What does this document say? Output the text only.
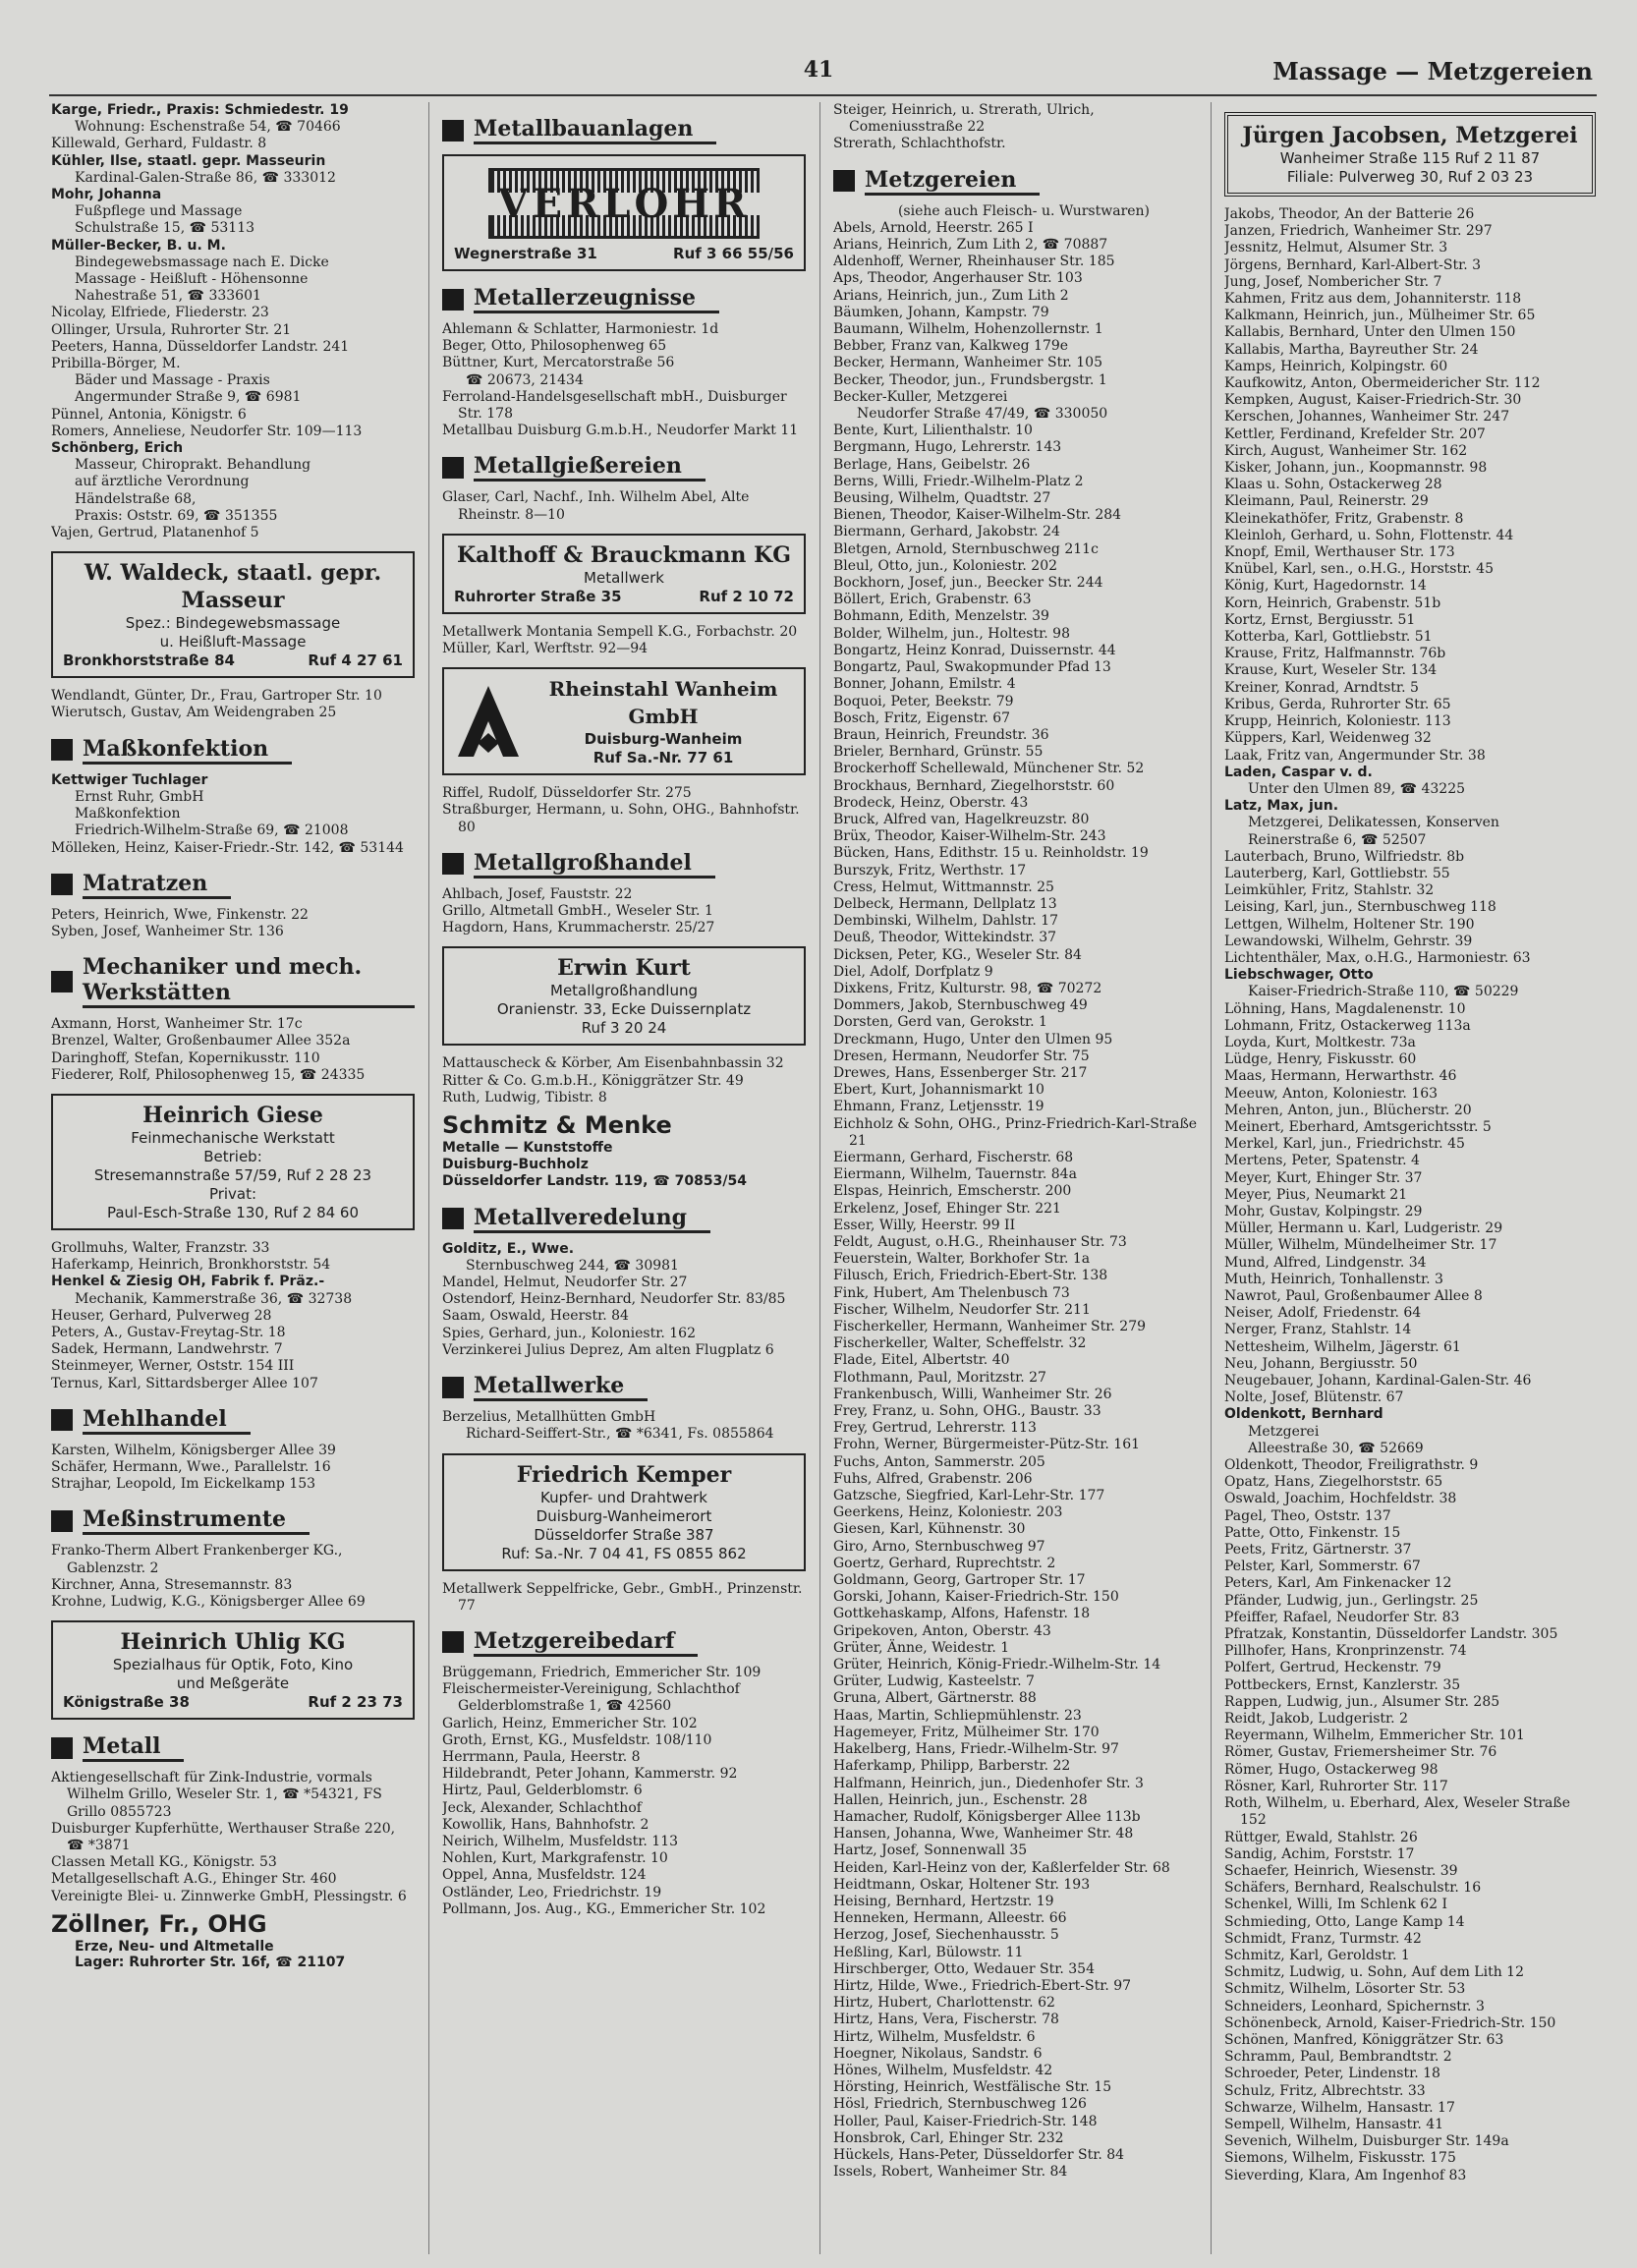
41	Massage — Metzgereien

Karge, Friedr., Praxis: Schmiedestr. 19

Wohnung: Eschenstraße 54, ☎ 70466

Killewald, Gerhard, Fuldastr. 8

Kühler, Ilse, staatl. gepr. Masseurin

Kardinal-Galen-Straße 86, ☎ 333012

Mohr, Johanna

Fußpflege und Massage

Schulstraße 15, ☎ 53113

Müller-Becker, B. u. M.

Bindegewebsmassage nach E. Dicke

Massage - Heißluft - Höhensonne

Nahestraße 51, ☎ 333601

Nicolay, Elfriede, Fliederstr. 23

Ollinger, Ursula, Ruhrorter Str. 21

Peeters, Hanna, Düsseldorfer Landstr. 241

Pribilla-Börger, M.

Bäder und Massage - Praxis

Angermunder Straße 9, ☎ 6981

Pünnel, Antonia, Königstr. 6

Romers, Anneliese, Neudorfer Str. 109—113

Schönberg, Erich

Masseur, Chiroprakt. Behandlung

auf ärztliche Verordnung

Händelstraße 68,

Praxis: Oststr. 69, ☎ 351355

Vajen, Gertrud, Platanenhof 5

W. Waldeck, staatl. gepr. Masseur
Spez.: Bindegewebsmassage
u. Heißluft-Massage
Bronkhorststraße 84	Ruf 4 27 61

Wendlandt, Günter, Dr., Frau, Gartroper Str. 10

Wierutsch, Gustav, Am Weidengraben 25

Maßkonfektion

Kettwiger Tuchlager

Ernst Ruhr, GmbH

Maßkonfektion

Friedrich-Wilhelm-Straße 69, ☎ 21008

Mölleken, Heinz, Kaiser-Friedr.-Str. 142, ☎ 53144

Matratzen

Peters, Heinrich, Wwe, Finkenstr. 22

Syben, Josef, Wanheimer Str. 136

Mechaniker und mech. Werkstätten

Axmann, Horst, Wanheimer Str. 17c

Brenzel, Walter, Großenbaumer Allee 352a

Daringhoff, Stefan, Kopernikusstr. 110

Fiederer, Rolf, Philosophenweg 15, ☎ 24335

Heinrich Giese
Feinmechanische Werkstatt
Betrieb:
Stresemannstraße 57/59, Ruf 2 28 23
Privat:
Paul-Esch-Straße 130, Ruf 2 84 60

Grollmuhs, Walter, Franzstr. 33

Haferkamp, Heinrich, Bronkhorststr. 54

Henkel & Ziesig OH, Fabrik f. Präz.-

Mechanik, Kammerstraße 36, ☎ 32738

Heuser, Gerhard, Pulverweg 28

Peters, A., Gustav-Freytag-Str. 18

Sadek, Hermann, Landwehrstr. 7

Steinmeyer, Werner, Oststr. 154 III

Ternus, Karl, Sittardsberger Allee 107

Mehlhandel

Karsten, Wilhelm, Königsberger Allee 39

Schäfer, Hermann, Wwe., Parallelstr. 16

Strajhar, Leopold, Im Eickelkamp 153

Meßinstrumente

Franko-Therm Albert Frankenberger KG., Gablenzstr. 2

Kirchner, Anna, Stresemannstr. 83

Krohne, Ludwig, K.G., Königsberger Allee 69

Heinrich Uhlig KG
Spezialhaus für Optik, Foto, Kino
und Meßgeräte
Königstraße 38	Ruf 2 23 73
Metall

Aktiengesellschaft für Zink-Industrie, vormals Wilhelm Grillo, Weseler Str. 1, ☎ *54321, FS Grillo 0855723

Duisburger Kupferhütte, Werthauser Straße 220, ☎ *3871

Classen Metall KG., Königstr. 53

Metallgesellschaft A.G., Ehinger Str. 460

Vereinigte Blei- u. Zinnwerke GmbH, Plessingstr. 6

Zöllner, Fr., OHG

Erze, Neu- und Altmetalle

Lager: Ruhrorter Str. 16f, ☎ 21107

Metallbauanlagen
VERLOHR
Wegnerstraße 31	Ruf 3 66 55/56
Metallerzeugnisse

Ahlemann & Schlatter, Harmoniestr. 1d

Beger, Otto, Philosophenweg 65

Büttner, Kurt, Mercatorstraße 56

☎ 20673, 21434

Ferroland-Handelsgesellschaft mbH., Duisburger Str. 178

Metallbau Duisburg G.m.b.H., Neudorfer Markt 11

Metallgießereien

Glaser, Carl, Nachf., Inh. Wilhelm Abel, Alte Rheinstr. 8—10

Kalthoff & Brauckmann KG
Metallwerk
Ruhrorter Straße 35	Ruf 2 10 72

Metallwerk Montania Sempell K.G., Forbachstr. 20

Müller, Karl, Werftstr. 92—94

Rheinstahl Wanheim
GmbH
Duisburg-Wanheim
Ruf Sa.-Nr. 77 61

Riffel, Rudolf, Düsseldorfer Str. 275

Straßburger, Hermann, u. Sohn, OHG., Bahnhofstr. 80

Metallgroßhandel

Ahlbach, Josef, Fauststr. 22

Grillo, Altmetall GmbH., Weseler Str. 1

Hagdorn, Hans, Krummacherstr. 25/27

Erwin Kurt
Metallgroßhandlung
Oranienstr. 33, Ecke Duissernplatz
Ruf 3 20 24

Mattauscheck & Körber, Am Eisenbahnbassin 32

Ritter & Co. G.m.b.H., Königgrätzer Str. 49

Ruth, Ludwig, Tibistr. 8

Schmitz & Menke

Metalle — Kunststoffe

Duisburg-Buchholz

Düsseldorfer Landstr. 119, ☎ 70853/54

Metallveredelung

Golditz, E., Wwe.

Sternbuschweg 244, ☎ 30981

Mandel, Helmut, Neudorfer Str. 27

Ostendorf, Heinz-Bernhard, Neudorfer Str. 83/85

Saam, Oswald, Heerstr. 84

Spies, Gerhard, jun., Koloniestr. 162

Verzinkerei Julius Deprez, Am alten Flugplatz 6

Metallwerke

Berzelius, Metallhütten GmbH

Richard-Seiffert-Str., ☎ *6341, Fs. 0855864

Friedrich Kemper
Kupfer- und Drahtwerk
Duisburg-Wanheimerort
Düsseldorfer Straße 387
Ruf: Sa.-Nr. 7 04 41, FS 0855 862

Metallwerk Seppelfricke, Gebr., GmbH., Prinzenstr. 77

Metzgereibedarf

Brüggemann, Friedrich, Emmericher Str. 109

Fleischermeister-Vereinigung, Schlachthof Gelderblomstraße 1, ☎ 42560

Garlich, Heinz, Emmericher Str. 102

Groth, Ernst, KG., Musfeldstr. 108/110

Herrmann, Paula, Heerstr. 8

Hildebrandt, Peter Johann, Kammerstr. 92

Hirtz, Paul, Gelderblomstr. 6

Jeck, Alexander, Schlachthof

Kowollik, Hans, Bahnhofstr. 2

Neirich, Wilhelm, Musfeldstr. 113

Nohlen, Kurt, Markgrafenstr. 10

Oppel, Anna, Musfeldstr. 124

Ostländer, Leo, Friedrichstr. 19

Pollmann, Jos. Aug., KG., Emmericher Str. 102

Steiger, Heinrich, u. Strerath, Ulrich, Comeniusstraße 22

Strerath, Schlachthofstr.

Metzgereien

(siehe auch Fleisch- u. Wurstwaren)

Abels, Arnold, Heerstr. 265 I

Arians, Heinrich, Zum Lith 2, ☎ 70887

Aldenhoff, Werner, Rheinhauser Str. 185

Aps, Theodor, Angerhauser Str. 103

Arians, Heinrich, jun., Zum Lith 2

Bäumken, Johann, Kampstr. 79

Baumann, Wilhelm, Hohenzollernstr. 1

Bebber, Franz van, Kalkweg 179e

Becker, Hermann, Wanheimer Str. 105

Becker, Theodor, jun., Frundsbergstr. 1

Becker-Kuller, Metzgerei

Neudorfer Straße 47/49, ☎ 330050

Bente, Kurt, Lilienthalstr. 10

Bergmann, Hugo, Lehrerstr. 143

Berlage, Hans, Geibelstr. 26

Berns, Willi, Friedr.-Wilhelm-Platz 2

Beusing, Wilhelm, Quadtstr. 27

Bienen, Theodor, Kaiser-Wilhelm-Str. 284

Biermann, Gerhard, Jakobstr. 24

Bletgen, Arnold, Sternbuschweg 211c

Bleul, Otto, jun., Koloniestr. 202

Bockhorn, Josef, jun., Beecker Str. 244

Böllert, Erich, Grabenstr. 63

Bohmann, Edith, Menzelstr. 39

Bolder, Wilhelm, jun., Holtestr. 98

Bongartz, Heinz Konrad, Duissernstr. 44

Bongartz, Paul, Swakopmunder Pfad 13

Bonner, Johann, Emilstr. 4

Boquoi, Peter, Beekstr. 79

Bosch, Fritz, Eigenstr. 67

Braun, Heinrich, Freundstr. 36

Brieler, Bernhard, Grünstr. 55

Brockerhoff Schellewald, Münchener Str. 52

Brockhaus, Bernhard, Ziegelhorststr. 60

Brodeck, Heinz, Oberstr. 43

Bruck, Alfred van, Hagelkreuzstr. 80

Brüx, Theodor, Kaiser-Wilhelm-Str. 243

Bücken, Hans, Edithstr. 15 u. Reinholdstr. 19

Burszyk, Fritz, Werthstr. 17

Cress, Helmut, Wittmannstr. 25

Delbeck, Hermann, Dellplatz 13

Dembinski, Wilhelm, Dahlstr. 17

Deuß, Theodor, Wittekindstr. 37

Dicksen, Peter, KG., Weseler Str. 84

Diel, Adolf, Dorfplatz 9

Dixkens, Fritz, Kulturstr. 98, ☎ 70272

Dommers, Jakob, Sternbuschweg 49

Dorsten, Gerd van, Gerokstr. 1

Dreckmann, Hugo, Unter den Ulmen 95

Dresen, Hermann, Neudorfer Str. 75

Drewes, Hans, Essenberger Str. 217

Ebert, Kurt, Johannismarkt 10

Ehmann, Franz, Letjensstr. 19

Eichholz & Sohn, OHG., Prinz-Friedrich-Karl-Straße 21

Eiermann, Gerhard, Fischerstr. 68

Eiermann, Wilhelm, Tauernstr. 84a

Elspas, Heinrich, Emscherstr. 200

Erkelenz, Josef, Ehinger Str. 221

Esser, Willy, Heerstr. 99 II

Feldt, August, o.H.G., Rheinhauser Str. 73

Feuerstein, Walter, Borkhofer Str. 1a

Filusch, Erich, Friedrich-Ebert-Str. 138

Fink, Hubert, Am Thelenbusch 73

Fischer, Wilhelm, Neudorfer Str. 211

Fischerkeller, Hermann, Wanheimer Str. 279

Fischerkeller, Walter, Scheffelstr. 32

Flade, Eitel, Albertstr. 40

Flothmann, Paul, Moritzstr. 27

Frankenbusch, Willi, Wanheimer Str. 26

Frey, Franz, u. Sohn, OHG., Baustr. 33

Frey, Gertrud, Lehrerstr. 113

Frohn, Werner, Bürgermeister-Pütz-Str. 161

Fuchs, Anton, Sammerstr. 205

Fuhs, Alfred, Grabenstr. 206

Gatzsche, Siegfried, Karl-Lehr-Str. 177

Geerkens, Heinz, Koloniestr. 203

Giesen, Karl, Kühnenstr. 30

Giro, Arno, Sternbuschweg 97

Goertz, Gerhard, Ruprechtstr. 2

Goldmann, Georg, Gartroper Str. 17

Gorski, Johann, Kaiser-Friedrich-Str. 150

Gottkehaskamp, Alfons, Hafenstr. 18

Gripekoven, Anton, Oberstr. 43

Grüter, Änne, Weidestr. 1

Grüter, Heinrich, König-Friedr.-Wilhelm-Str. 14

Grüter, Ludwig, Kasteelstr. 7

Gruna, Albert, Gärtnerstr. 88

Haas, Martin, Schliepmühlenstr. 23

Hagemeyer, Fritz, Mülheimer Str. 170

Hakelberg, Hans, Friedr.-Wilhelm-Str. 97

Haferkamp, Philipp, Barberstr. 22

Halfmann, Heinrich, jun., Diedenhofer Str. 3

Hallen, Heinrich, jun., Eschenstr. 28

Hamacher, Rudolf, Königsberger Allee 113b

Hansen, Johanna, Wwe, Wanheimer Str. 48

Hartz, Josef, Sonnenwall 35

Heiden, Karl-Heinz von der, Kaßlerfelder Str. 68

Heidtmann, Oskar, Holtener Str. 193

Heising, Bernhard, Hertzstr. 19

Henneken, Hermann, Alleestr. 66

Herzog, Josef, Siechenhausstr. 5

Heßling, Karl, Bülowstr. 11

Hirschberger, Otto, Wedauer Str. 354

Hirtz, Hilde, Wwe., Friedrich-Ebert-Str. 97

Hirtz, Hubert, Charlottenstr. 62

Hirtz, Hans, Vera, Fischerstr. 78

Hirtz, Wilhelm, Musfeldstr. 6

Hoegner, Nikolaus, Sandstr. 6

Hönes, Wilhelm, Musfeldstr. 42

Hörsting, Heinrich, Westfälische Str. 15

Hösl, Friedrich, Sternbuschweg 126

Holler, Paul, Kaiser-Friedrich-Str. 148

Honsbrok, Carl, Ehinger Str. 232

Hückels, Hans-Peter, Düsseldorfer Str. 84

Issels, Robert, Wanheimer Str. 84

Jürgen Jacobsen, Metzgerei
Wanheimer Straße 115 Ruf 2 11 87
Filiale: Pulverweg 30, Ruf 2 03 23

Jakobs, Theodor, An der Batterie 26

Janzen, Friedrich, Wanheimer Str. 297

Jessnitz, Helmut, Alsumer Str. 3

Jörgens, Bernhard, Karl-Albert-Str. 3

Jung, Josef, Nombericher Str. 7

Kahmen, Fritz aus dem, Johanniterstr. 118

Kalkmann, Heinrich, jun., Mülheimer Str. 65

Kallabis, Bernhard, Unter den Ulmen 150

Kallabis, Martha, Bayreuther Str. 24

Kamps, Heinrich, Kolpingstr. 60

Kaufkowitz, Anton, Obermeidericher Str. 112

Kempken, August, Kaiser-Friedrich-Str. 30

Kerschen, Johannes, Wanheimer Str. 247

Kettler, Ferdinand, Krefelder Str. 207

Kirch, August, Wanheimer Str. 162

Kisker, Johann, jun., Koopmannstr. 98

Klaas u. Sohn, Ostackerweg 28

Kleimann, Paul, Reinerstr. 29

Kleinekathöfer, Fritz, Grabenstr. 8

Kleinloh, Gerhard, u. Sohn, Flottenstr. 44

Knopf, Emil, Werthauser Str. 173

Knübel, Karl, sen., o.H.G., Horststr. 45

König, Kurt, Hagedornstr. 14

Korn, Heinrich, Grabenstr. 51b

Kortz, Ernst, Bergiusstr. 51

Kotterba, Karl, Gottliebstr. 51

Krause, Fritz, Halfmannstr. 76b

Krause, Kurt, Weseler Str. 134

Kreiner, Konrad, Arndtstr. 5

Kribus, Gerda, Ruhrorter Str. 65

Krupp, Heinrich, Koloniestr. 113

Küppers, Karl, Weidenweg 32

Laak, Fritz van, Angermunder Str. 38

Laden, Caspar v. d.

Unter den Ulmen 89, ☎ 43225

Latz, Max, jun.

Metzgerei, Delikatessen, Konserven

Reinerstraße 6, ☎ 52507

Lauterbach, Bruno, Wilfriedstr. 8b

Lauterberg, Karl, Gottliebstr. 55

Leimkühler, Fritz, Stahlstr. 32

Leising, Karl, jun., Sternbuschweg 118

Lettgen, Wilhelm, Holtener Str. 190

Lewandowski, Wilhelm, Gehrstr. 39

Lichtenthäler, Max, o.H.G., Harmoniestr. 63

Liebschwager, Otto

Kaiser-Friedrich-Straße 110, ☎ 50229

Löhning, Hans, Magdalenenstr. 10

Lohmann, Fritz, Ostackerweg 113a

Loyda, Kurt, Moltkestr. 73a

Lüdge, Henry, Fiskusstr. 60

Maas, Hermann, Herwarthstr. 46

Meeuw, Anton, Koloniestr. 163

Mehren, Anton, jun., Blücherstr. 20

Meinert, Eberhard, Amtsgerichtsstr. 5

Merkel, Karl, jun., Friedrichstr. 45

Mertens, Peter, Spatenstr. 4

Meyer, Kurt, Ehinger Str. 37

Meyer, Pius, Neumarkt 21

Mohr, Gustav, Kolpingstr. 29

Müller, Hermann u. Karl, Ludgeristr. 29

Müller, Wilhelm, Mündelheimer Str. 17

Mund, Alfred, Lindgenstr. 34

Muth, Heinrich, Tonhallenstr. 3

Nawrot, Paul, Großenbaumer Allee 8

Neiser, Adolf, Friedenstr. 64

Nerger, Franz, Stahlstr. 14

Nettesheim, Wilhelm, Jägerstr. 61

Neu, Johann, Bergiusstr. 50

Neugebauer, Johann, Kardinal-Galen-Str. 46

Nolte, Josef, Blütenstr. 67

Oldenkott, Bernhard

Metzgerei

Alleestraße 30, ☎ 52669

Oldenkott, Theodor, Freiligrathstr. 9

Opatz, Hans, Ziegelhorststr. 65

Oswald, Joachim, Hochfeldstr. 38

Pagel, Theo, Oststr. 137

Patte, Otto, Finkenstr. 15

Peets, Fritz, Gärtnerstr. 37

Pelster, Karl, Sommerstr. 67

Peters, Karl, Am Finkenacker 12

Pfänder, Ludwig, jun., Gerlingstr. 25

Pfeiffer, Rafael, Neudorfer Str. 83

Pfratzak, Konstantin, Düsseldorfer Landstr. 305

Pillhofer, Hans, Kronprinzenstr. 74

Polfert, Gertrud, Heckenstr. 79

Pottbeckers, Ernst, Kanzlerstr. 35

Rappen, Ludwig, jun., Alsumer Str. 285

Reidt, Jakob, Ludgeristr. 2

Reyermann, Wilhelm, Emmericher Str. 101

Römer, Gustav, Friemersheimer Str. 76

Römer, Hugo, Ostackerweg 98

Rösner, Karl, Ruhrorter Str. 117

Roth, Wilhelm, u. Eberhard, Alex, Weseler Straße 152

Rüttger, Ewald, Stahlstr. 26

Sandig, Achim, Forststr. 17

Schaefer, Heinrich, Wiesenstr. 39

Schäfers, Bernhard, Realschulstr. 16

Schenkel, Willi, Im Schlenk 62 I

Schmieding, Otto, Lange Kamp 14

Schmidt, Franz, Turmstr. 42

Schmitz, Karl, Geroldstr. 1

Schmitz, Ludwig, u. Sohn, Auf dem Lith 12

Schmitz, Wilhelm, Lösorter Str. 53

Schneiders, Leonhard, Spichernstr. 3

Schönenbeck, Arnold, Kaiser-Friedrich-Str. 150

Schönen, Manfred, Königgrätzer Str. 63

Schramm, Paul, Bembrandtstr. 2

Schroeder, Peter, Lindenstr. 18

Schulz, Fritz, Albrechtstr. 33

Schwarze, Wilhelm, Hansastr. 17

Sempell, Wilhelm, Hansastr. 41

Sevenich, Wilhelm, Duisburger Str. 149a

Siemons, Wilhelm, Fiskusstr. 175

Sieverding, Klara, Am Ingenhof 83
